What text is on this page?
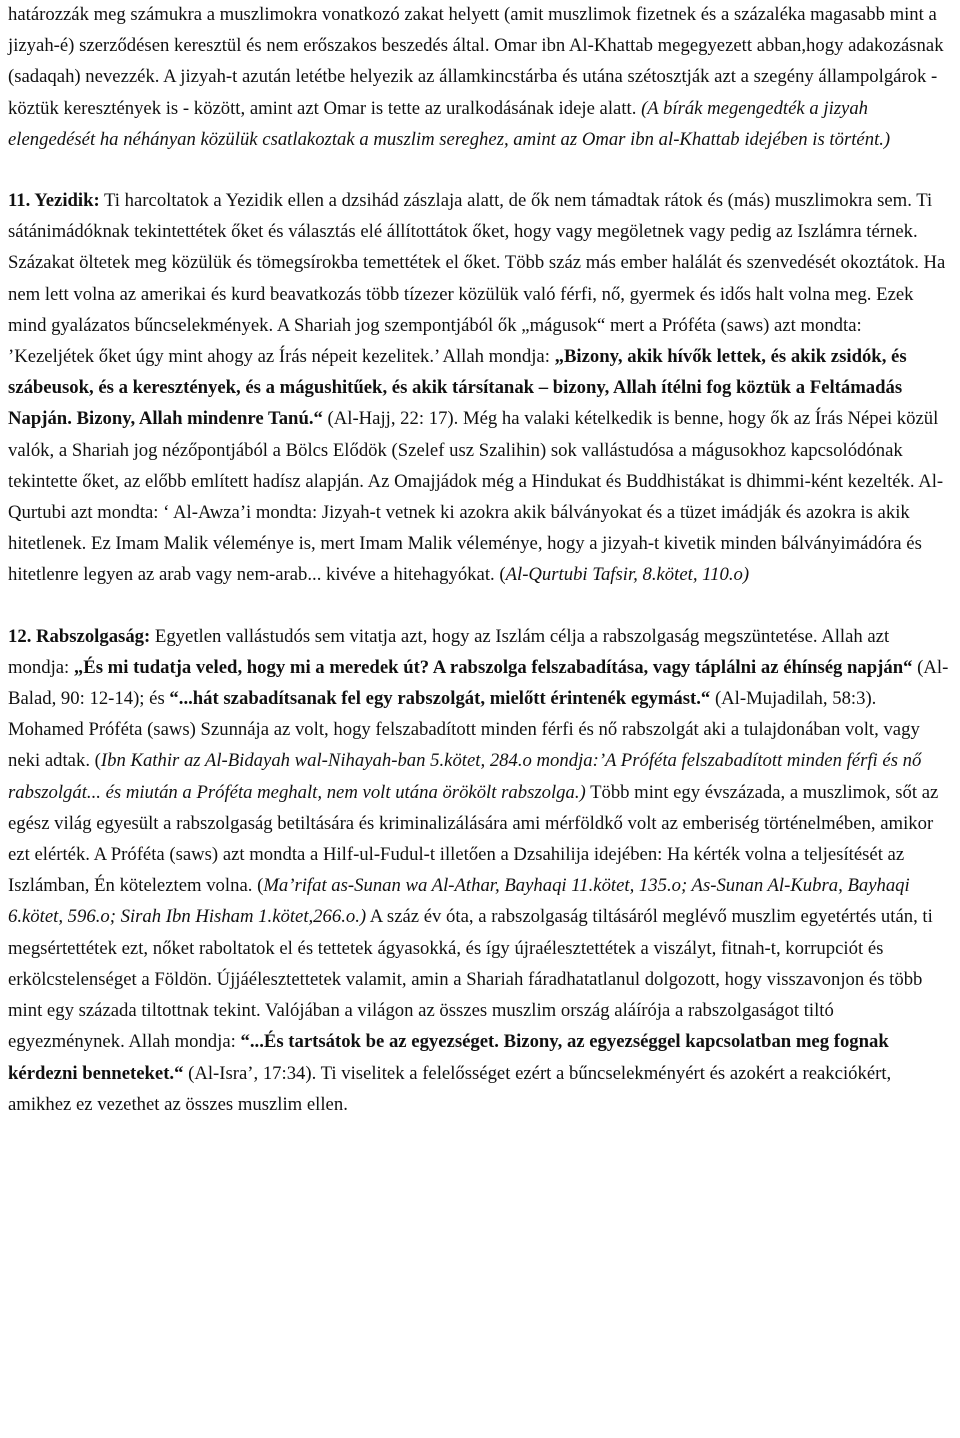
határozzák meg számukra a muszlimokra vonatkozó zakat helyett (amit muszlimok fizetnek és a százaléka magasabb mint a jizyah-é) szerződésen keresztül és nem erőszakos beszedés által. Omar ibn Al-Khattab megegyezett abban,hogy adakozásnak (sadaqah) nevezzék. A jizyah-t azután letétbe helyezik az államkincstárba és utána szétosztják azt a szegény állampolgárok - köztük keresztények is - között, amint azt Omar is tette az uralkodásának ideje alatt. (A bírák megengedték a jizyah elengedését ha néhányan közülük csatlakoztak a muszlim sereghez, amint az Omar ibn al-Khattab idejében is történt.)

11. Yezidik: Ti harcoltatok a Yezidik ellen a dzsihád zászlaja alatt, de ők nem támadtak rátok és (más) muszlimokra sem. Ti sátánimádóknak tekintettétek őket és választás elé állítottátok őket, hogy vagy megöletnek vagy pedig az Iszlámra térnek. Százakat öltetek meg közülük és tömegsírokba temettétek el őket. Több száz más ember halálát és szenvedését okoztátok. Ha nem lett volna az amerikai és kurd beavatkozás több tízezer közülük való férfi, nő, gyermek és idős halt volna meg. Ezek mind gyalázatos bűncselekmények. A Shariah jog szempontjából ők „mágusok“ mert a Próféta (saws) azt mondta: ’Kezeljétek őket úgy mint ahogy az Írás népeit kezelitek.’ Allah mondja: „Bizony, akik hívők lettek, és akik zsidók, és szábeusok, és a keresztények, és a mágushitűek, és akik társítanak – bizony, Allah ítélni fog köztük a Feltámadás Napján. Bizony, Allah mindenre Tanú.“ (Al-Hajj, 22: 17). Még ha valaki kételkedik is benne, hogy ők az Írás Népei közül valók, a Shariah jog nézőpontjából a Bölcs Elődök (Szelef usz Szalihin) sok vallástudósa a mágusokhoz kapcsolódónak tekintette őket, az előbb említett hadísz alapján. Az Omajjádok még a Hindukat és Buddhistákat is dhimmi-ként kezelték. Al-Qurtubi azt mondta: ‘ Al-Awza’i mondta: Jizyah-t vetnek ki azokra akik bálványokat és a tüzet imádják és azokra is akik hitetlenek. Ez Imam Malik véleménye is, mert Imam Malik véleménye, hogy a jizyah-t kivetik minden bálványimádóra és hitetlenre legyen az arab vagy nem-arab... kivéve a hitehagyókat. (Al-Qurtubi Tafsir, 8.kötet, 110.o)

12. Rabszolgaság: Egyetlen vallástudós sem vitatja azt, hogy az Iszlám célja a rabszolgaság megszüntetése. Allah azt mondja: „És mi tudatja veled, hogy mi a meredek út? A rabszolga felszabadítása, vagy táplálni az éhínség napján“ (Al-Balad, 90: 12-14); és “...hát szabadítsanak fel egy rabszolgát, mielőtt érintenék egymást.“ (Al-Mujadilah, 58:3). Mohamed Próféta (saws) Szunnája az volt, hogy felszabadított minden férfi és nő rabszolgát aki a tulajdonában volt, vagy neki adtak. (Ibn Kathir az Al-Bidayah wal-Nihayah-ban 5.kötet, 284.o mondja:’A Próféta felszabadított minden férfi és nő rabszolgát... és miután a Próféta meghalt, nem volt utána örökölt rabszolga.) Több mint egy évszázada, a muszlimok, sőt az egész világ egyesült a rabszolgaság betiltására és kriminalizálására ami mérföldkő volt az emberiség történelmében, amikor ezt elérték. A Próféta (saws) azt mondta a Hilf-ul-Fudul-t illetően a Dzsahilija idejében: Ha kérték volna a teljesítését az Iszlámban, Én köteleztem volna. (Ma’rifat as-Sunan wa Al-Athar, Bayhaqi 11.kötet, 135.o; As-Sunan Al-Kubra, Bayhaqi 6.kötet, 596.o; Sirah Ibn Hisham 1.kötet,266.o.) A száz év óta, a rabszolgaság tiltásáról meglévő muszlim egyetértés után, ti megsértettétek ezt, nőket raboltatok el és tettetek ágyasokká, és így újraélesztettétek a viszályt, fitnah-t, korrupciót és erkölcstelenséget a Földön. Újjáélesztettetek valamit, amin a Shariah fáradhatatlanul dolgozott, hogy visszavonjon és több mint egy százada tiltottnak tekint. Valójában a világon az összes muszlim ország aláírója a rabszolgaságot tiltó egyezménynek. Allah mondja: “...És tartsátok be az egyezséget. Bizony, az egyezséggel kapcsolatban meg fognak kérdezni benneteket.“ (Al-Isra’, 17:34). Ti viselitek a felelősséget ezért a bűncselekményért és azokért a reakciókért, amikhez ez vezethet az összes muszlim ellen.
